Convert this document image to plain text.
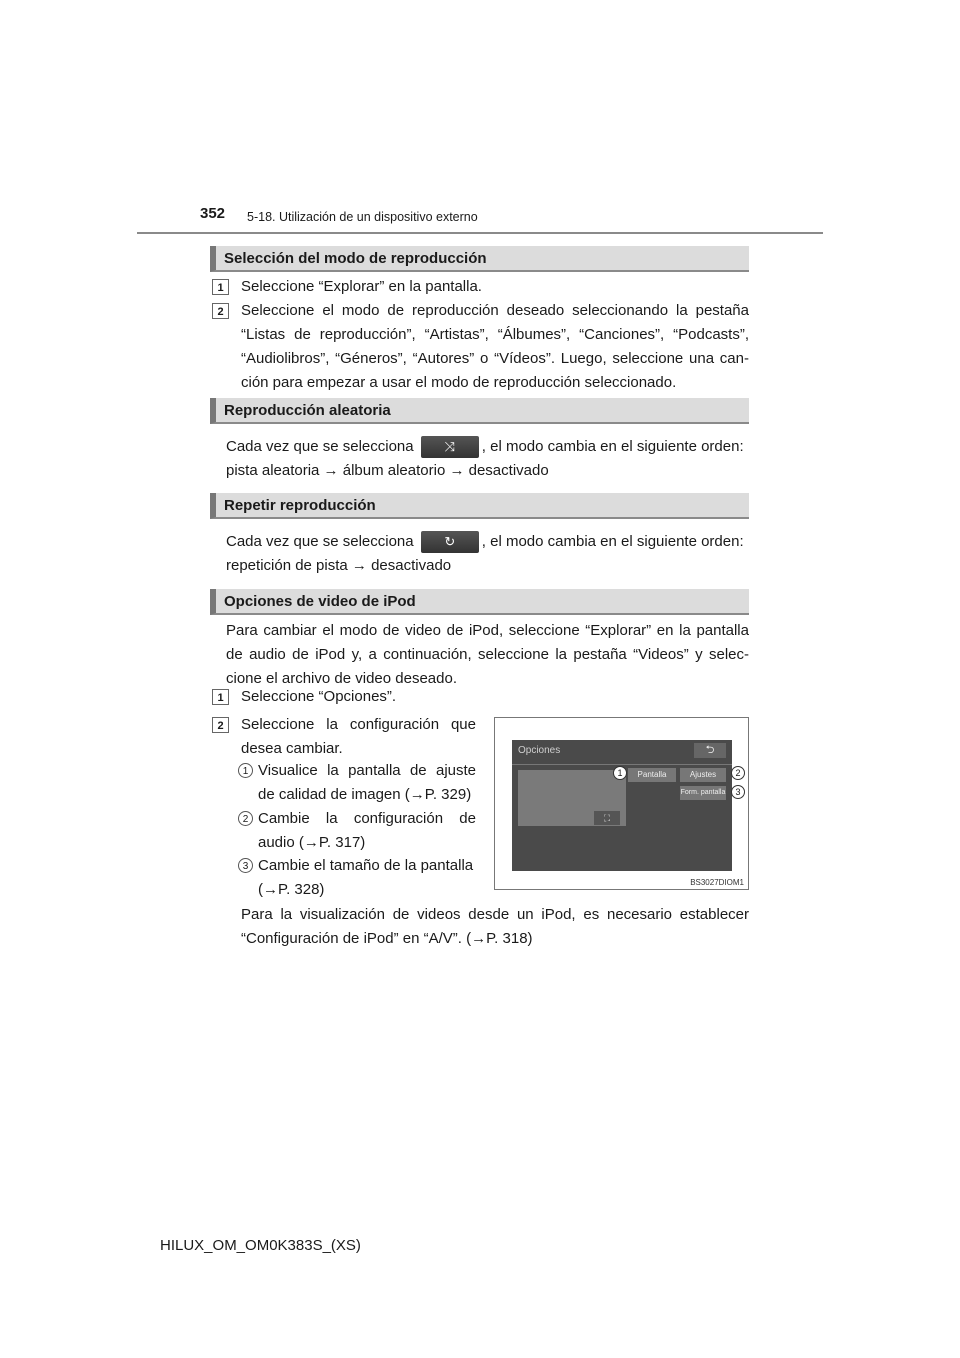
352 5-18. Utilización de un dispositivo externo
Selección del modo de reproducción
1	Seleccione “Explorar” en la pantalla.
2	Seleccione el modo de reproducción deseado seleccionando la pestaña
“Listas de reproducción”, “Artistas”, “Álbumes”, “Canciones”, “Podcasts”,
“Audiolibros”, “Géneros”, “Autores” o “Vídeos”. Luego, seleccione una can-
ción para empezar a usar el modo de reproducción seleccionado.
Reproducción aleatoria
Cada vez que se selecciona ⤨ , el modo cambia en el siguiente orden:
pista aleatoria → álbum aleatorio → desactivado
Repetir reproducción
Cada vez que se selecciona ↻ , el modo cambia en el siguiente orden:
repetición de pista → desactivado
Opciones de video de iPod
Para cambiar el modo de video de iPod, seleccione “Explorar” en la pantalla
de audio de iPod y, a continuación, seleccione la pestaña “Videos” y selec-
cione el archivo de video deseado.
1	Seleccione “Opciones”.
2	Seleccione la configuración que
desea cambiar.
1 Visualice la pantalla de ajuste
de calidad de imagen (→P. 329)
2 Cambie la configuración de
audio (→P. 317)
3 Cambie el tamaño de la pantalla
(→P. 328)
Para la visualización de videos desde un iPod, es necesario establecer
“Configuración de iPod” en “A/V”. (→P. 318)
Opciones	⮌
⛶
Pantalla	Ajustes
Form. pantalla
1	2
3
BS3027DIOM1
HILUX_OM_OM0K383S_(XS)
